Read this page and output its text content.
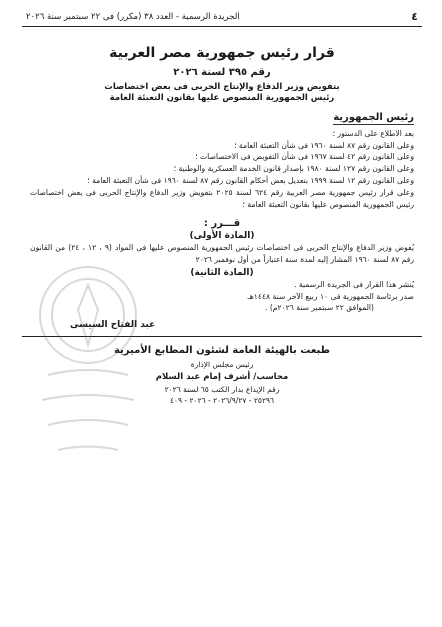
٤
الجريدة الرسمية - العدد ٣٨ (مكرر) فى ٢٢ سبتمبر سنة ٢٠٢٦
قرار رئيس جمهورية مصر العربية
رقم ٣٩٥ لسنة ٢٠٢٦
بتفويض وزير الدفاع والإنتاج الحربى فى بعض اختصاصات
رئيس الجمهورية المنصوص عليها بقانون التعبئة العامة
رئيس الجمهورية

بعد الاطلاع على الدستور ؛

وعلى القانون رقم ٨٧ لسنة ١٩٦٠ فى شأن التعبئة العامة ؛

وعلى القانون رقم ٤٢ لسنة ١٩٦٧ فى شأن التفويض فى الاختصاصات ؛

وعلى القانون رقم ١٢٧ لسنة ١٩٨٠ بإصدار قانون الخدمة العسكرية والوطنية ؛

وعلى القانون رقم ١٢ لسنة ١٩٩٩ بتعديل بعض أحكام القانون رقم ٨٧ لسنة ١٩٦٠ فى شأن التعبئة العامة ؛

وعلى قرار رئيس جمهورية مصر العربية رقم ٦٢٤ لسنة ٢٠٢٥ بتفويض وزير الدفاع والإنتاج الحربى فى بعض اختصاصات رئيس الجمهورية المنصوص عليها بقانون التعبئة العامة ؛

قـــرر :
(المادة الأولى)
يُفوض وزير الدفاع والإنتاج الحربى فى اختصاصات رئيس الجمهورية المنصوص عليها فى المواد (٩ ، ١٢ ، ٢٤) من القانون رقم ٨٧ لسنة ١٩٦٠ المشار إليه لمدة سنة اعتباراً من أول نوفمبر ٢٠٢٦
(المادة الثانية)
يُنشر هذا القرار فى الجريدة الرسمية .
صدر برئاسة الجمهورية فى ١٠ ربيع الآخر سنة ١٤٤٨هـ
(الموافق ٢٢ سبتمبر سنة ٢٠٢٦م) .
عبد الفتاح السيسى
طبعت بالهيئة العامة لشئون المطابع الأميرية
رئيس مجلس الإدارة
محاسب/ أشرف إمام عبد السلام
رقم الإيداع بدار الكتب ٦٥ لسنة ٢٠٢٦
٢٥٢٩٦ - ٢٠٢٦/٩/٢٧ - ٢٠٢٦ - ٤٠٩
